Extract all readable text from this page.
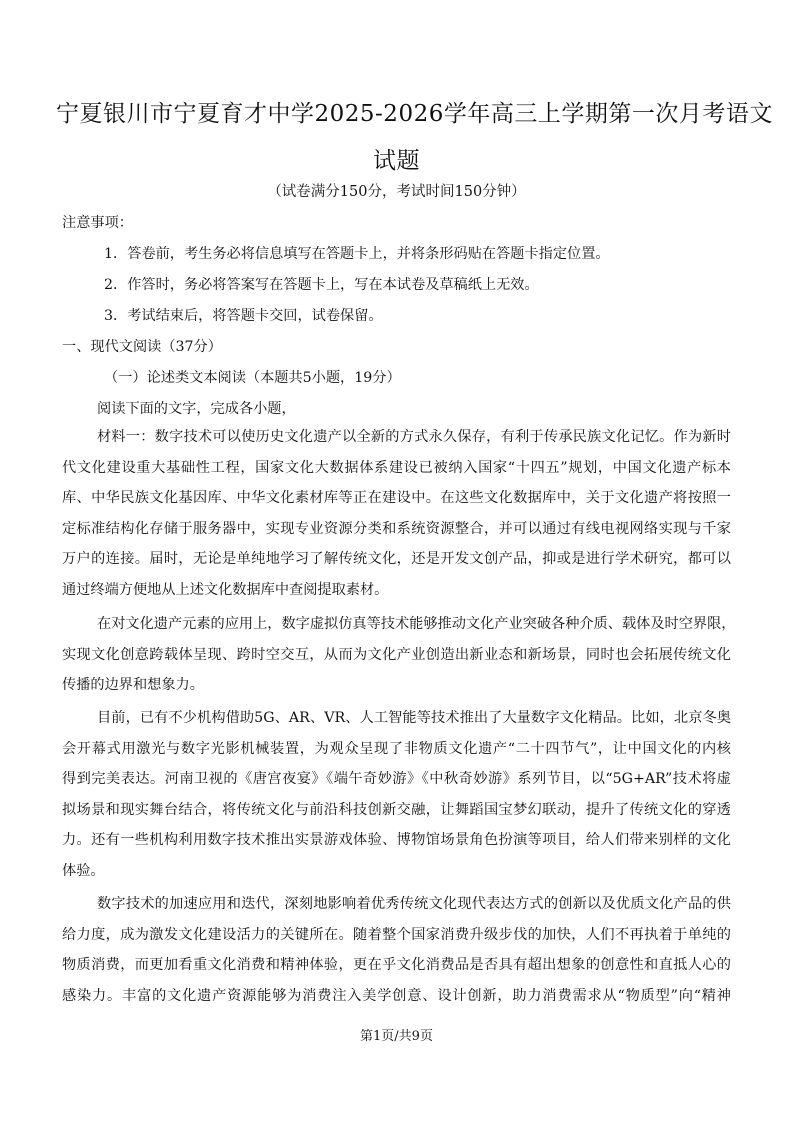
宁夏银川市宁夏育才中学2025-2026学年高三上学期第一次月考语文
试题
（试卷满分150分，考试时间150分钟）
注意事项：
1．答卷前，考生务必将信息填写在答题卡上，并将条形码贴在答题卡指定位置。
2．作答时，务必将答案写在答题卡上，写在本试卷及草稿纸上无效。
3．考试结束后，将答题卡交回，试卷保留。
一、现代文阅读（37分）
（一）论述类文本阅读（本题共5小题，19分）
阅读下面的文字，完成各小题，
材料一：数字技术可以使历史文化遗产以全新的方式永久保存，有利于传承民族文化记忆。作为新时
代文化建设重大基础性工程，国家文化大数据体系建设已被纳入国家“十四五”规划，中国文化遗产标本
库、中华民族文化基因库、中华文化素材库等正在建设中。在这些文化数据库中，关于文化遗产将按照一
定标准结构化存储于服务器中，实现专业资源分类和系统资源整合，并可以通过有线电视网络实现与千家
万户的连接。届时，无论是单纯地学习了解传统文化，还是开发文创产品，抑或是进行学术研究，都可以
通过终端方便地从上述文化数据库中查阅提取素材。
在对文化遗产元素的应用上，数字虚拟仿真等技术能够推动文化产业突破各种介质、载体及时空界限，
实现文化创意跨载体呈现、跨时空交互，从而为文化产业创造出新业态和新场景，同时也会拓展传统文化
传播的边界和想象力。
目前，已有不少机构借助5G、AR、VR、人工智能等技术推出了大量数字文化精品。比如，北京冬奥
会开幕式用激光与数字光影机械装置，为观众呈现了非物质文化遗产“二十四节气”，让中国文化的内核
得到完美表达。河南卫视的《唐宫夜宴》《端午奇妙游》《中秋奇妙游》系列节目，以“5G+AR”技术将虚
拟场景和现实舞台结合，将传统文化与前沿科技创新交融，让舞蹈国宝梦幻联动，提升了传统文化的穿透
力。还有一些机构利用数字技术推出实景游戏体验、博物馆场景角色扮演等项目，给人们带来别样的文化
体验。
数字技术的加速应用和迭代，深刻地影响着优秀传统文化现代表达方式的创新以及优质文化产品的供
给力度，成为激发文化建设活力的关键所在。随着整个国家消费升级步伐的加快，人们不再执着于单纯的
物质消费，而更加看重文化消费和精神体验，更在乎文化消费品是否具有超出想象的创意性和直抵人心的
感染力。丰富的文化遗产资源能够为消费注入美学创意、设计创新，助力消费需求从“物质型”向“精神
第1页/共9页
